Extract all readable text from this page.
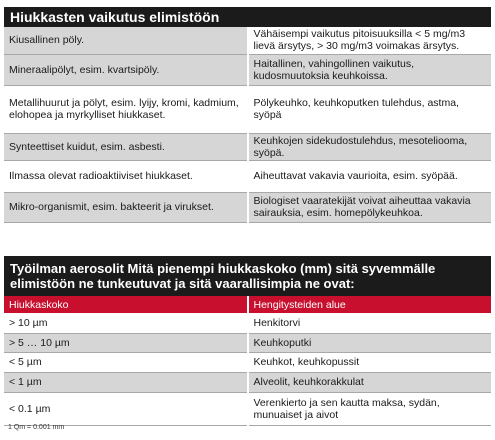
Hiukkasten vaikutus elimistöön	
Kiusallinen pöly.	Vähäisempi vaikutus pitoisuuksilla < 5 mg/m3 lievä ärsytys, > 30 mg/m3 voimakas ärsytys.
Mineraalipölyt, esim. kvartsipöly.	Haitallinen, vahingollinen vaikutus, kudosmuutoksia keuhkoissa.
Metallihuurut ja pölyt, esim. lyijy, kromi, kadmium, elohopea ja myrkylliset hiukkaset.	Pölykeuhko, keuhkoputken tulehdus, astma, syöpä
Synteettiset kuidut, esim. asbesti.	Keuhkojen sidekudostulehdus, mesoteliooma, syöpä.
Ilmassa olevat radioaktiiviset hiukkaset.	Aiheuttavat vakavia vaurioita, esim. syöpää.
Mikro-organismit, esim. bakteerit ja virukset.	Biologiset vaaratekijät voivat aiheuttaa vakavia sairauksia, esim. homepölykeuhkoa.
Työilman aerosolit Mitä pienempi hiukkaskoko (mm) sitä syvemmälle elimistöön ne tunkeutuvat ja sitä vaarallisimpia ne ovat:	
Hiukkaskoko	Hengitysteiden alue
> 10 µm	Henkitorvi
> 5 … 10 µm	Keuhkoputki
< 5 µm	Keuhkot, keuhkopussit
< 1 µm	Alveolit, keuhkorakkulat
< 0.1 µm	Verenkierto ja sen kautta maksa, sydän, munuaiset ja aivot
1 Qm = 0.001 mm
